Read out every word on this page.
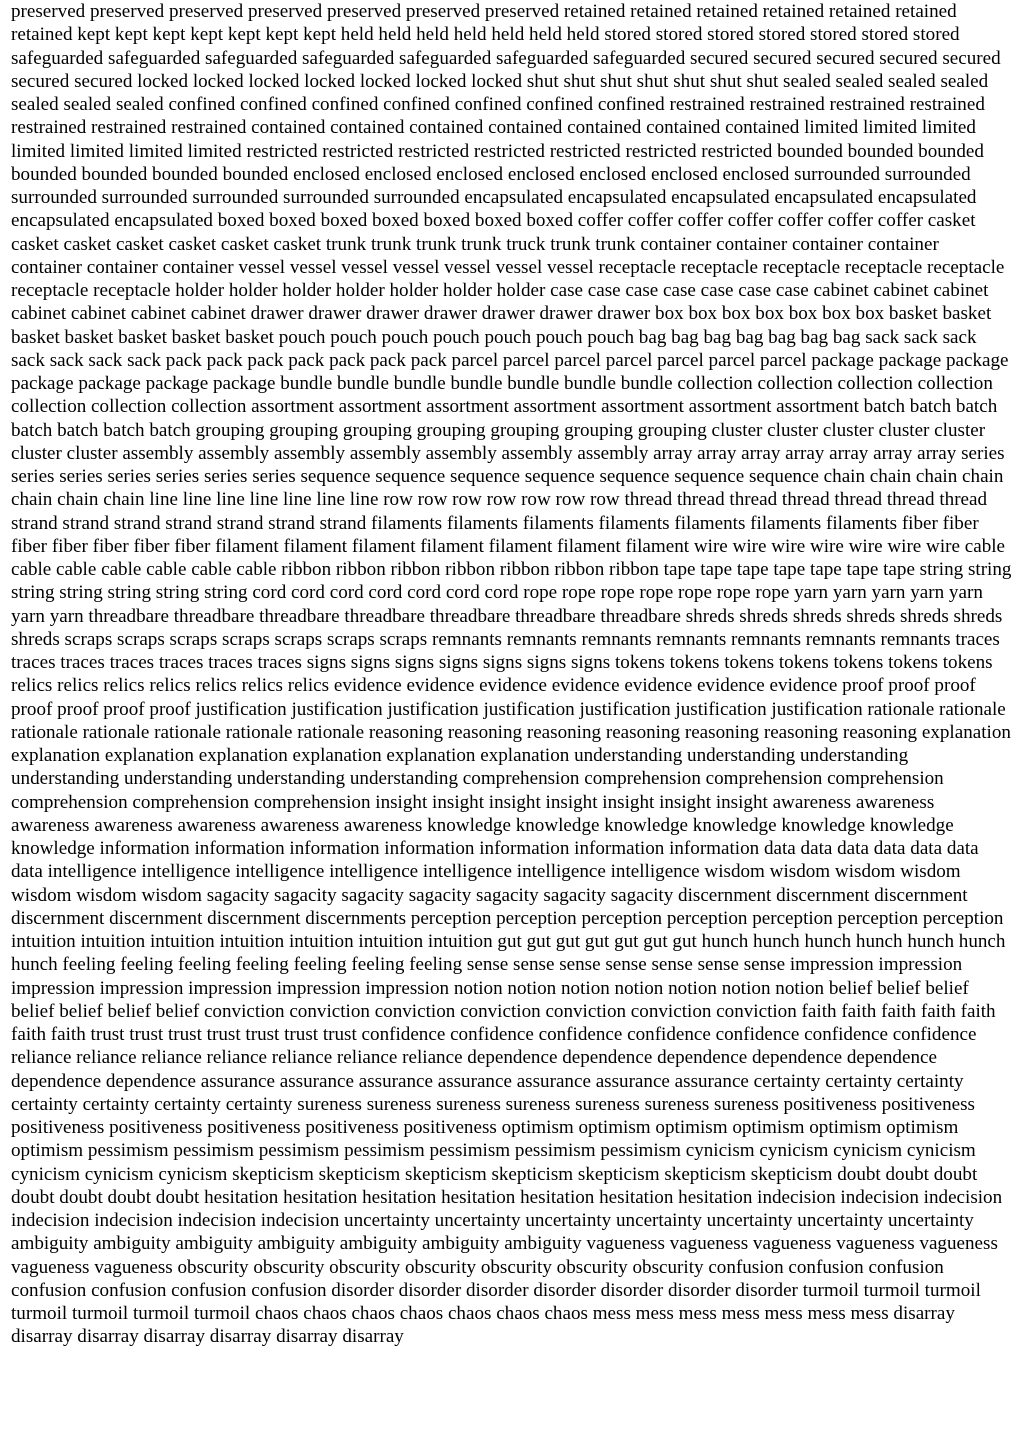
preserved preserved preserved preserved preserved preserved preserved retained retained retained retained retained retained retained kept kept kept kept kept kept kept held held held held held held held stored stored stored stored stored stored stored safeguarded safeguarded safeguarded safeguarded safeguarded safeguarded safeguarded secured secured secured secured secured secured secured locked locked locked locked locked locked locked shut shut shut shut shut shut shut sealed sealed sealed sealed sealed sealed sealed confined confined confined confined confined confined confined restrained restrained restrained restrained restrained restrained restrained contained contained contained contained contained contained contained limited limited limited limited limited limited limited restricted restricted restricted restricted restricted restricted restricted bounded bounded bounded bounded bounded bounded bounded enclosed enclosed enclosed enclosed enclosed enclosed enclosed surrounded surrounded surrounded surrounded surrounded surrounded surrounded encapsulated encapsulated encapsulated encapsulated encapsulated encapsulated encapsulated boxed boxed boxed boxed boxed boxed boxed coffer coffer coffer coffer coffer coffer coffer casket casket casket casket casket casket casket trunk trunk trunk trunk truck trunk trunk container container container container container container container vessel vessel vessel vessel vessel vessel vessel receptacle receptacle receptacle receptacle receptacle receptacle receptacle holder holder holder holder holder holder holder case case case case case case case cabinet cabinet cabinet cabinet cabinet cabinet cabinet drawer drawer drawer drawer drawer drawer drawer box box box box box box box basket basket basket basket basket basket basket pouch pouch pouch pouch pouch pouch pouch bag bag bag bag bag bag bag sack sack sack sack sack sack sack pack pack pack pack pack pack pack parcel parcel parcel parcel parcel parcel parcel package package package package package package package bundle bundle bundle bundle bundle bundle bundle collection collection collection collection collection collection collection assortment assortment assortment assortment assortment assortment assortment batch batch batch batch batch batch batch grouping grouping grouping grouping grouping grouping grouping cluster cluster cluster cluster cluster cluster cluster assembly assembly assembly assembly assembly assembly assembly array array array array array array array series series series series series series series sequence sequence sequence sequence sequence sequence sequence chain chain chain chain chain chain chain line line line line line line line row row row row row row row thread thread thread thread thread thread thread strand strand strand strand strand strand strand filaments filaments filaments filaments filaments filaments filaments fiber fiber fiber fiber fiber fiber fiber filament filament filament filament filament filament filament wire wire wire wire wire wire wire cable cable cable cable cable cable cable ribbon ribbon ribbon ribbon ribbon ribbon ribbon tape tape tape tape tape tape tape string string string string string string string cord cord cord cord cord cord cord rope rope rope rope rope rope rope yarn yarn yarn yarn yarn yarn yarn threadbare threadbare threadbare threadbare threadbare threadbare threadbare shreds shreds shreds shreds shreds shreds shreds scraps scraps scraps scraps scraps scraps scraps remnants remnants remnants remnants remnants remnants remnants traces traces traces traces traces traces traces signs signs signs signs signs signs signs tokens tokens tokens tokens tokens tokens tokens relics relics relics relics relics relics relics evidence evidence evidence evidence evidence evidence evidence proof proof proof proof proof proof proof justification justification justification justification justification justification justification rationale rationale rationale rationale rationale rationale rationale reasoning reasoning reasoning reasoning reasoning reasoning reasoning explanation explanation explanation explanation explanation explanation explanation understanding understanding understanding understanding understanding understanding understanding comprehension comprehension comprehension comprehension comprehension comprehension comprehension insight insight insight insight insight insight insight awareness awareness awareness awareness awareness awareness awareness knowledge knowledge knowledge knowledge knowledge knowledge knowledge information information information information information information information data data data data data data data intelligence intelligence intelligence intelligence intelligence intelligence intelligence wisdom wisdom wisdom wisdom wisdom wisdom wisdom sagacity sagacity sagacity sagacity sagacity sagacity sagacity discernment discernment discernment discernment discernment discernment discernments perception perception perception perception perception perception perception intuition intuition intuition intuition intuition intuition intuition gut gut gut gut gut gut gut hunch hunch hunch hunch hunch hunch hunch feeling feeling feeling feeling feeling feeling feeling sense sense sense sense sense sense sense impression impression impression impression impression impression impression notion notion notion notion notion notion notion belief belief belief belief belief belief belief conviction conviction conviction conviction conviction conviction conviction faith faith faith faith faith faith faith trust trust trust trust trust trust trust confidence confidence confidence confidence confidence confidence confidence reliance reliance reliance reliance reliance reliance reliance dependence dependence dependence dependence dependence dependence dependence assurance assurance assurance assurance assurance assurance assurance certainty certainty certainty certainty certainty certainty certainty sureness sureness sureness sureness sureness sureness sureness positiveness positiveness positiveness positiveness positiveness positiveness positiveness optimism optimism optimism optimism optimism optimism optimism pessimism pessimism pessimism pessimism pessimism pessimism pessimism cynicism cynicism cynicism cynicism cynicism cynicism cynicism skepticism skepticism skepticism skepticism skepticism skepticism skepticism doubt doubt doubt doubt doubt doubt doubt hesitation hesitation hesitation hesitation hesitation hesitation hesitation indecision indecision indecision indecision indecision indecision indecision uncertainty uncertainty uncertainty uncertainty uncertainty uncertainty uncertainty ambiguity ambiguity ambiguity ambiguity ambiguity ambiguity ambiguity vagueness vagueness vagueness vagueness vagueness vagueness vagueness obscurity obscurity obscurity obscurity obscurity obscurity obscurity confusion confusion confusion confusion confusion confusion confusion disorder disorder disorder disorder disorder disorder disorder turmoil turmoil turmoil turmoil turmoil turmoil turmoil chaos chaos chaos chaos chaos chaos chaos mess mess mess mess mess mess mess disarray disarray disarray disarray disarray disarray disarray
